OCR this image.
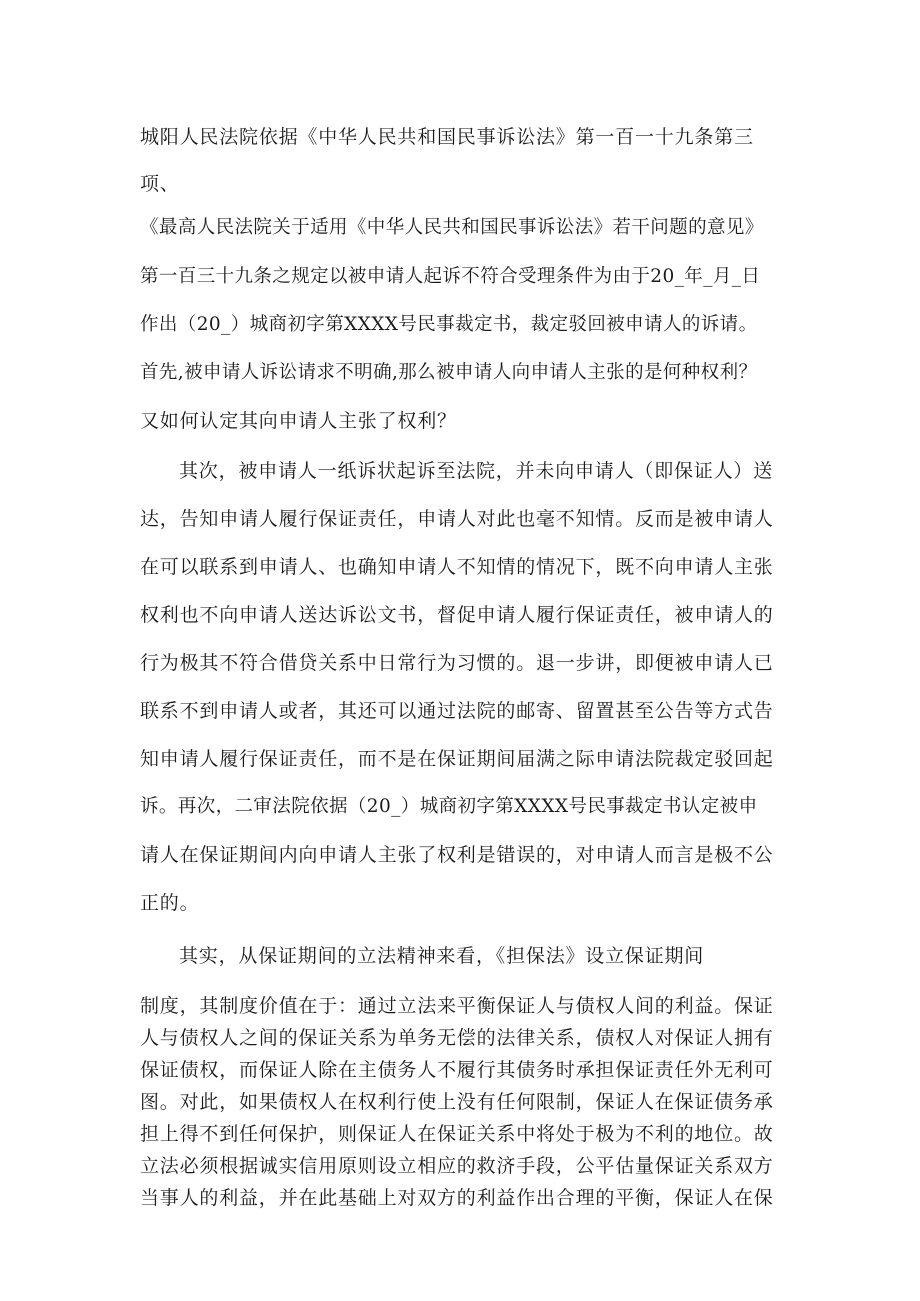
城阳人民法院依据《中华人民共和国民事诉讼法》第一百一十九条第三
项、
《最高人民法院关于适用《中华人民共和国民事诉讼法》若干问题的意见》
第一百三十九条之规定以被申请人起诉不符合受理条件为由于20_年_月_日
作出（20_）城商初字第XXXX号民事裁定书，裁定驳回被申请人的诉请。
首先,被申请人诉讼请求不明确,那么被申请人向申请人主张的是何种权利？
又如何认定其向申请人主张了权利？
其次，被申请人一纸诉状起诉至法院，并未向申请人（即保证人）送
达，告知申请人履行保证责任，申请人对此也毫不知情。反而是被申请人
在可以联系到申请人、也确知申请人不知情的情况下，既不向申请人主张
权利也不向申请人送达诉讼文书，督促申请人履行保证责任，被申请人的
行为极其不符合借贷关系中日常行为习惯的。退一步讲，即便被申请人已
联系不到申请人或者，其还可以通过法院的邮寄、留置甚至公告等方式告
知申请人履行保证责任，而不是在保证期间届满之际申请法院裁定驳回起
诉。再次，二审法院依据（20_）城商初字第XXXX号民事裁定书认定被申
请人在保证期间内向申请人主张了权利是错误的，对申请人而言是极不公
正的。
其实，从保证期间的立法精神来看，《担保法》设立保证期间
制度，其制度价值在于：通过立法来平衡保证人与债权人间的利益。保证
人与债权人之间的保证关系为单务无偿的法律关系，债权人对保证人拥有
保证债权，而保证人除在主债务人不履行其债务时承担保证责任外无利可
图。对此，如果债权人在权利行使上没有任何限制，保证人在保证债务承
担上得不到任何保护，则保证人在保证关系中将处于极为不利的地位。故
立法必须根据诚实信用原则设立相应的救济手段，公平估量保证关系双方
当事人的利益，并在此基础上对双方的利益作出合理的平衡，保证人在保
